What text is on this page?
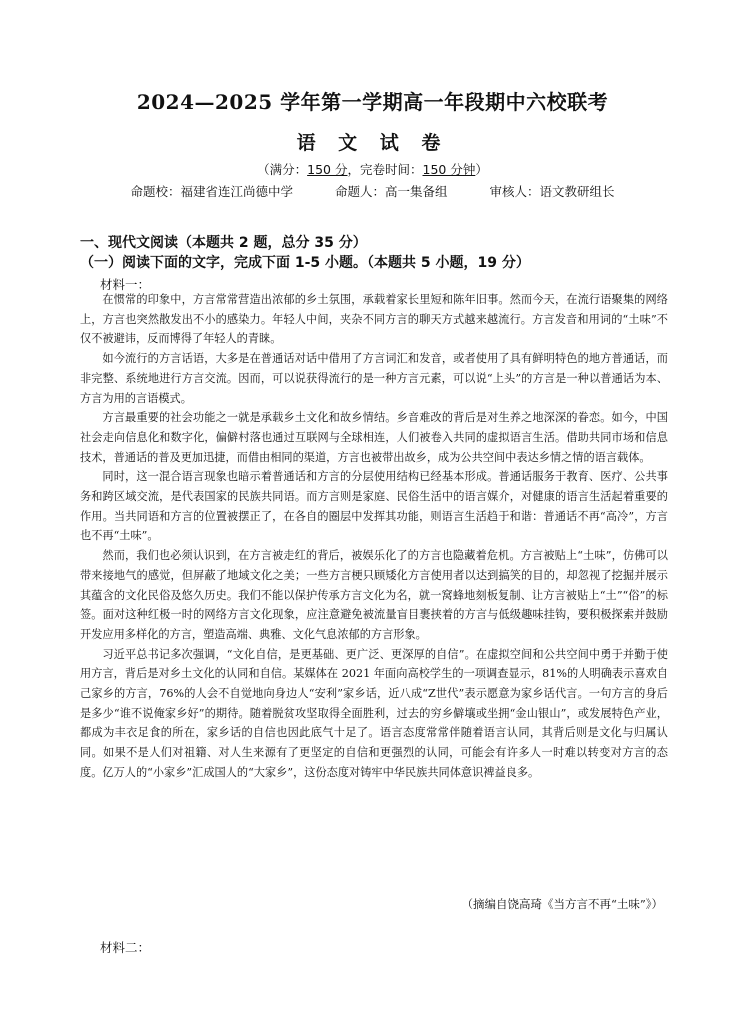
2024—2025 学年第一学期高一年段期中六校联考
语 文 试 卷
（满分：150 分，完卷时间：150 分钟）
命题校：福建省连江尚德中学	命题人：高一集备组	审核人：语文教研组长
一、现代文阅读（本题共 2 题，总分 35 分）
（一）阅读下面的文字，完成下面 1-5 小题。（本题共 5 小题，19 分）
材料一：

在惯常的印象中，方言常常营造出浓郁的乡土氛围，承载着家长里短和陈年旧事。然而今天，在流行语聚集的网络上，方言也突然散发出不小的感染力。年轻人中间，夹杂不同方言的聊天方式越来越流行。方言发音和用词的“土味”不仅不被避讳，反而博得了年轻人的青睐。

如今流行的方言话语，大多是在普通话对话中借用了方言词汇和发音，或者使用了具有鲜明特色的地方普通话，而非完整、系统地进行方言交流。因而，可以说获得流行的是一种方言元素，可以说“上头”的方言是一种以普通话为本、方言为用的言语模式。

方言最重要的社会功能之一就是承载乡土文化和故乡情结。乡音难改的背后是对生养之地深深的眷恋。如今，中国社会走向信息化和数字化，偏僻村落也通过互联网与全球相连，人们被卷入共同的虚拟语言生活。借助共同市场和信息技术，普通话的普及更加迅捷，而借由相同的渠道，方言也被带出故乡，成为公共空间中表达乡情之情的语言载体。

同时，这一混合语言现象也暗示着普通话和方言的分层使用结构已经基本形成。普通话服务于教育、医疗、公共事务和跨区域交流，是代表国家的民族共同语。而方言则是家庭、民俗生活中的语言媒介，对健康的语言生活起着重要的作用。当共同语和方言的位置被摆正了，在各自的圈层中发挥其功能，则语言生活趋于和谐：普通话不再“高冷”，方言也不再“土味”。

然而，我们也必须认识到，在方言被走红的背后，被娱乐化了的方言也隐藏着危机。方言被贴上“土味”，仿佛可以带来接地气的感觉，但屏蔽了地域文化之美；一些方言梗只顾矮化方言使用者以达到搞笑的目的，却忽视了挖掘并展示其蕴含的文化民俗及悠久历史。我们不能以保护传承方言文化为名，就一窝蜂地刻板复制、让方言被贴上“土”“俗”的标签。面对这种红极一时的网络方言文化现象，应注意避免被流量盲目裹挟着的方言与低级趣味挂钩，要积极探索并鼓励开发应用多样化的方言，塑造高端、典雅、文化气息浓郁的方言形象。

习近平总书记多次强调，“文化自信，是更基础、更广泛、更深厚的自信”。在虚拟空间和公共空间中勇于并勤于使用方言，背后是对乡土文化的认同和自信。某媒体在 2021 年面向高校学生的一项调查显示，81%的人明确表示喜欢自己家乡的方言，76%的人会不自觉地向身边人“安利”家乡话，近八成“Z世代”表示愿意为家乡话代言。一句方言的身后是多少“谁不说俺家乡好”的期待。随着脱贫攻坚取得全面胜利，过去的穷乡僻壤或坐拥“金山银山”，或发展特色产业，都成为丰衣足食的所在，家乡话的自信也因此底气十足了。语言态度常常伴随着语言认同，其背后则是文化与归属认同。如果不是人们对祖籍、对人生来源有了更坚定的自信和更强烈的认同，可能会有许多人一时难以转变对方言的态度。亿万人的“小家乡”汇成国人的“大家乡”，这份态度对铸牢中华民族共同体意识裨益良多。

（摘编自饶高琦《当方言不再“土味”》）
材料二：
